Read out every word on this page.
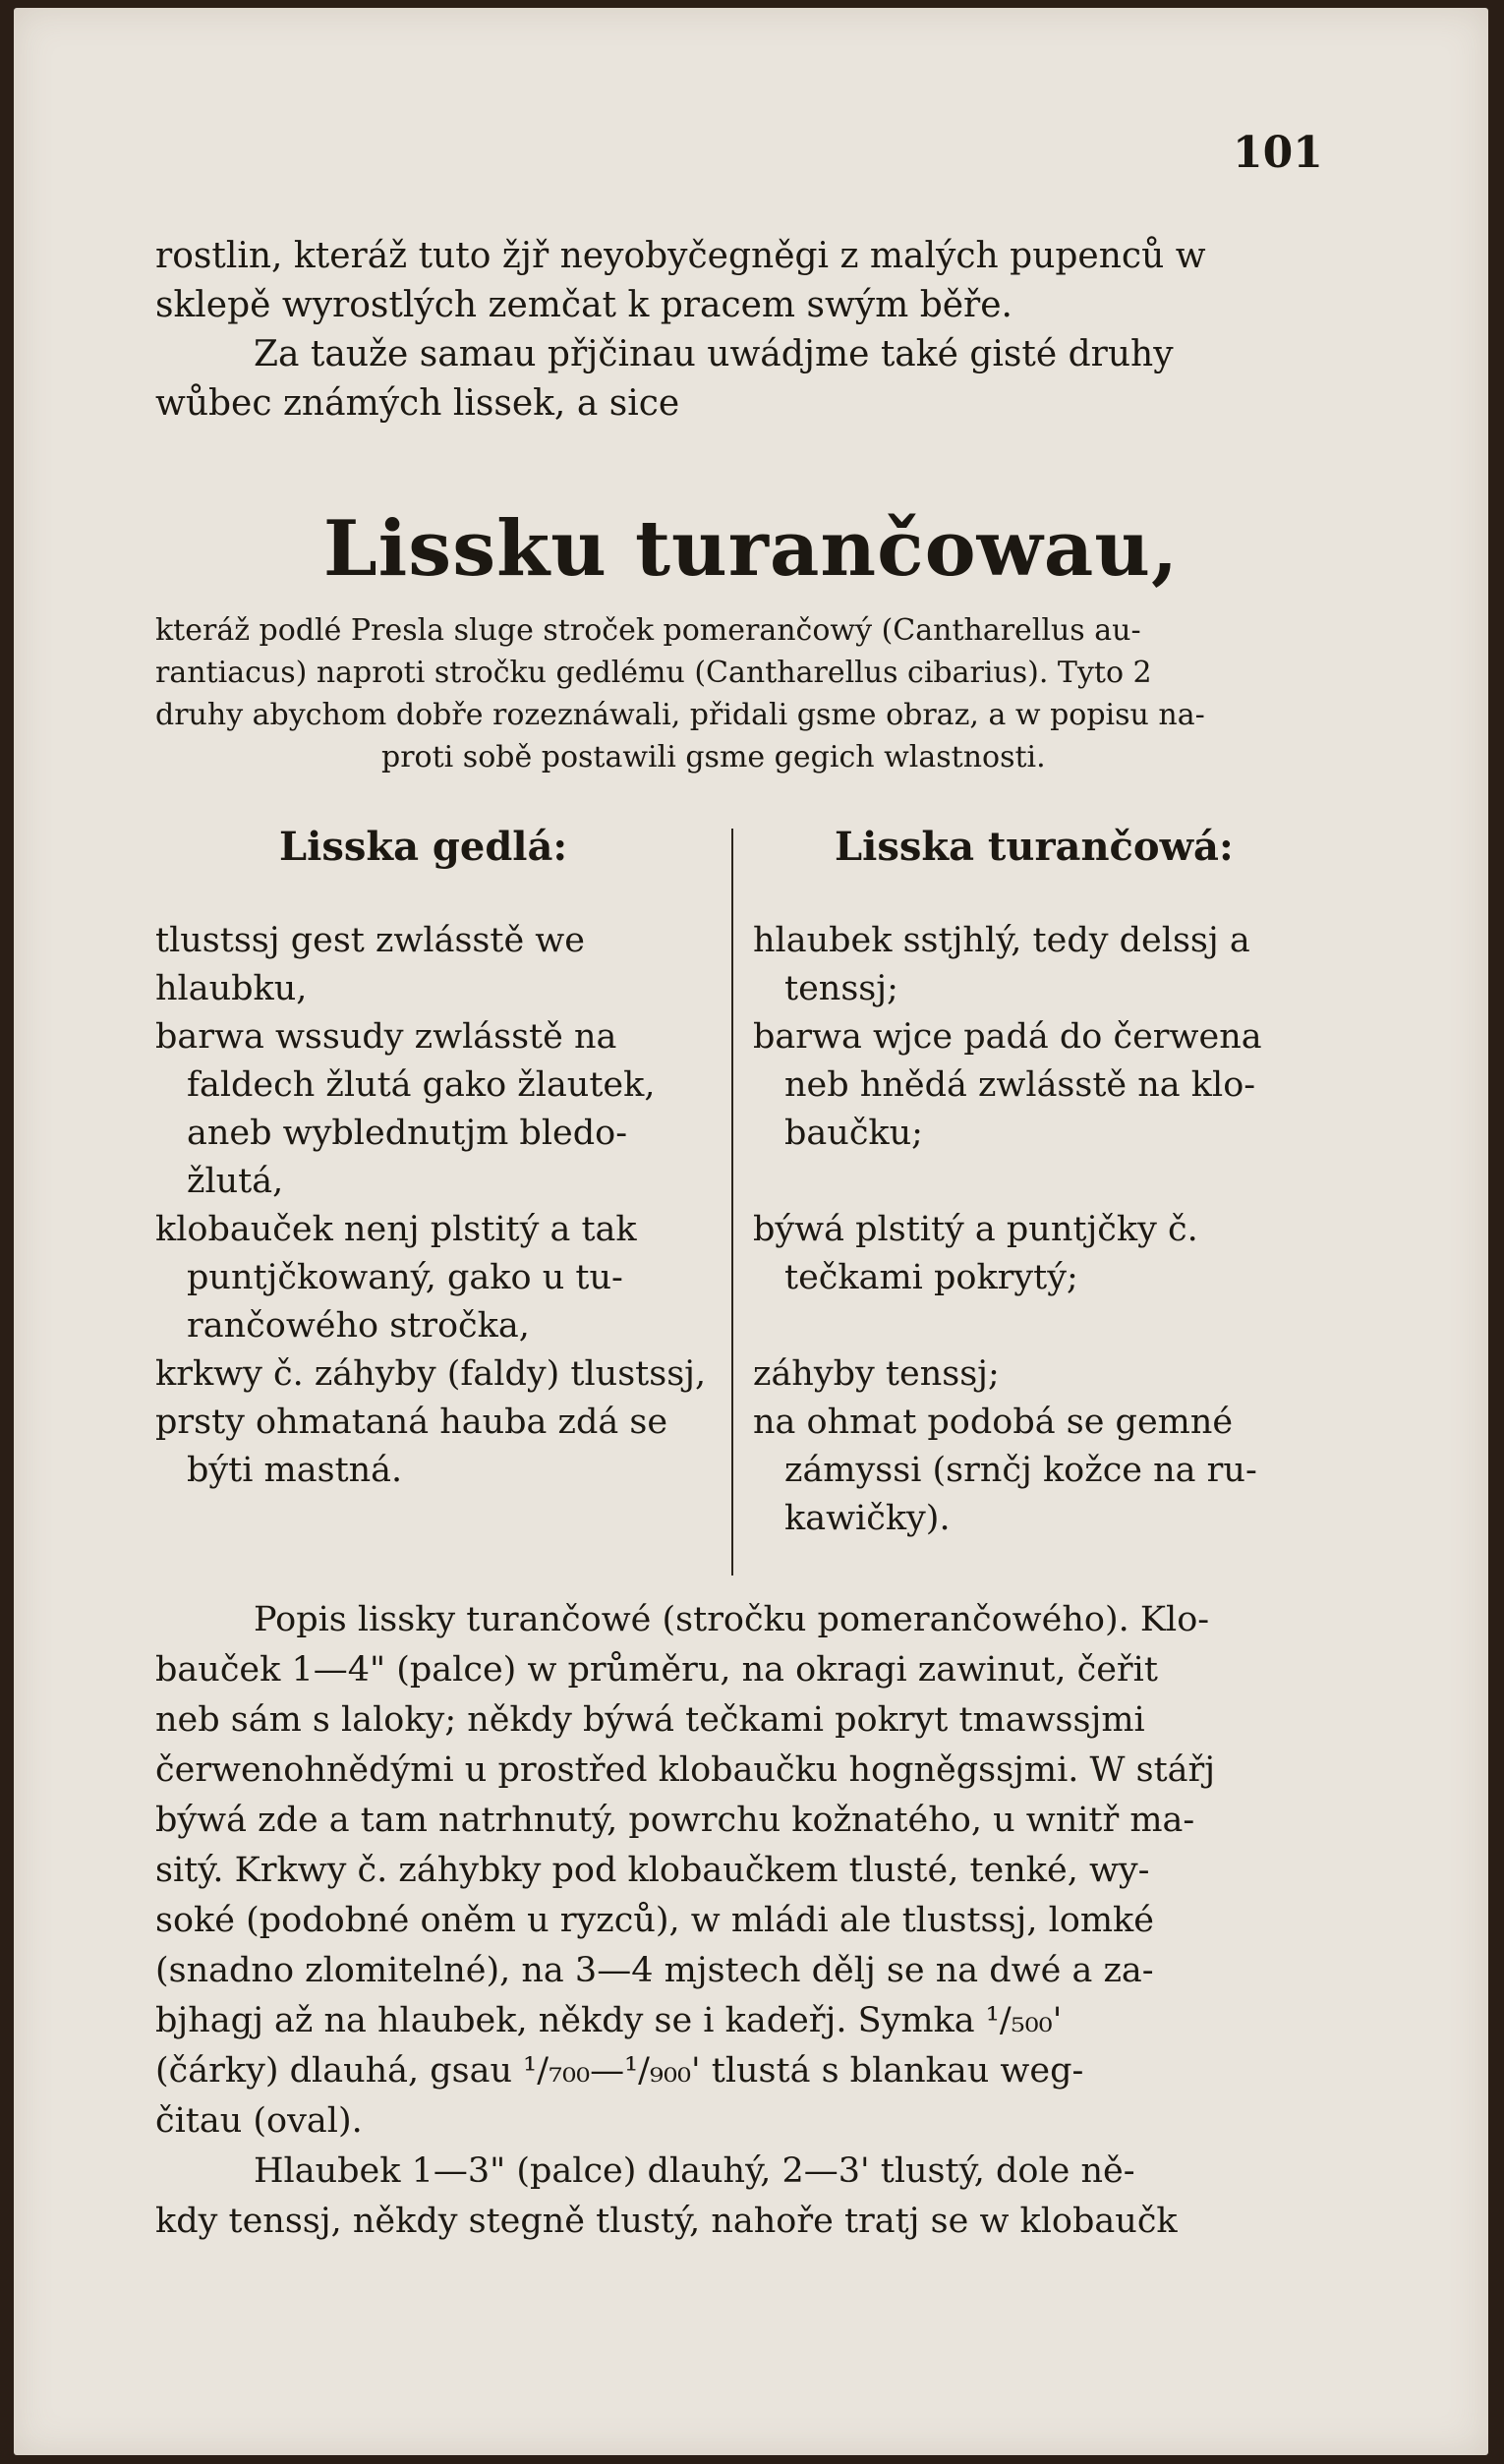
101
rostlin, kteráž tuto žjř neyobyčegněgi z malých pupenců w
sklepě wyrostlých zemčat k pracem swým běře.
Za tauže samau přjčinau uwádjme také gisté druhy
wůbec známých lissek, a sice
Lissku turančowau,
kteráž podlé Presla sluge stroček pomerančowý (Cantharellus au-
rantiacus) naproti stročku gedlému (Cantharellus cibarius). Tyto 2
druhy abychom dobře rozeznáwali, přidali gsme obraz, a w popisu na-
proti sobě postawili gsme gegich wlastnosti.
Lisska gedlá:	Lisska turančowá:
tlustssj gest zwlásstě we
hlaubku,
barwa wssudy zwlásstě na
faldech žlutá gako žlautek,
aneb wyblednutjm bledo-
žlutá,
klobauček nenj plstitý a tak
puntjčkowaný, gako u tu-
rančowého stročka,
krkwy č. záhyby (faldy) tlustssj,
prsty ohmataná hauba zdá se
býti mastná.
hlaubek sstjhlý, tedy delssj a
tenssj;
barwa wjce padá do čerwena
neb hnědá zwlásstě na klo-
baučku;
býwá plstitý a puntjčky č.
tečkami pokrytý;
záhyby tenssj;
na ohmat podobá se gemné
zámyssi (srnčj kožce na ru-
kawičky).
Popis lissky turančowé (stročku pomerančowého). Klo-
bauček 1—4" (palce) w průměru, na okragi zawinut, čeřit
neb sám s laloky; někdy býwá tečkami pokryt tmawssjmi
čerwenohnědými u prostřed klobaučku hogněgssjmi. W stářj
býwá zde a tam natrhnutý, powrchu kožnatého, u wnitř ma-
sitý. Krkwy č. záhybky pod klobaučkem tlusté, tenké, wy-
soké (podobné oněm u ryzců), w mládi ale tlustssj, lomké
(snadno zlomitelné), na 3—4 mjstech dělj se na dwé a za-
bjhagj až na hlaubek, někdy se i kadeřj. Symka ¹/₅₀₀'
(čárky) dlauhá, gsau ¹/₇₀₀—¹/₉₀₀' tlustá s blankau weg-
čitau (oval).
Hlaubek 1—3" (palce) dlauhý, 2—3' tlustý, dole ně-
kdy tenssj, někdy stegně tlustý, nahoře tratj se w klobaučk
